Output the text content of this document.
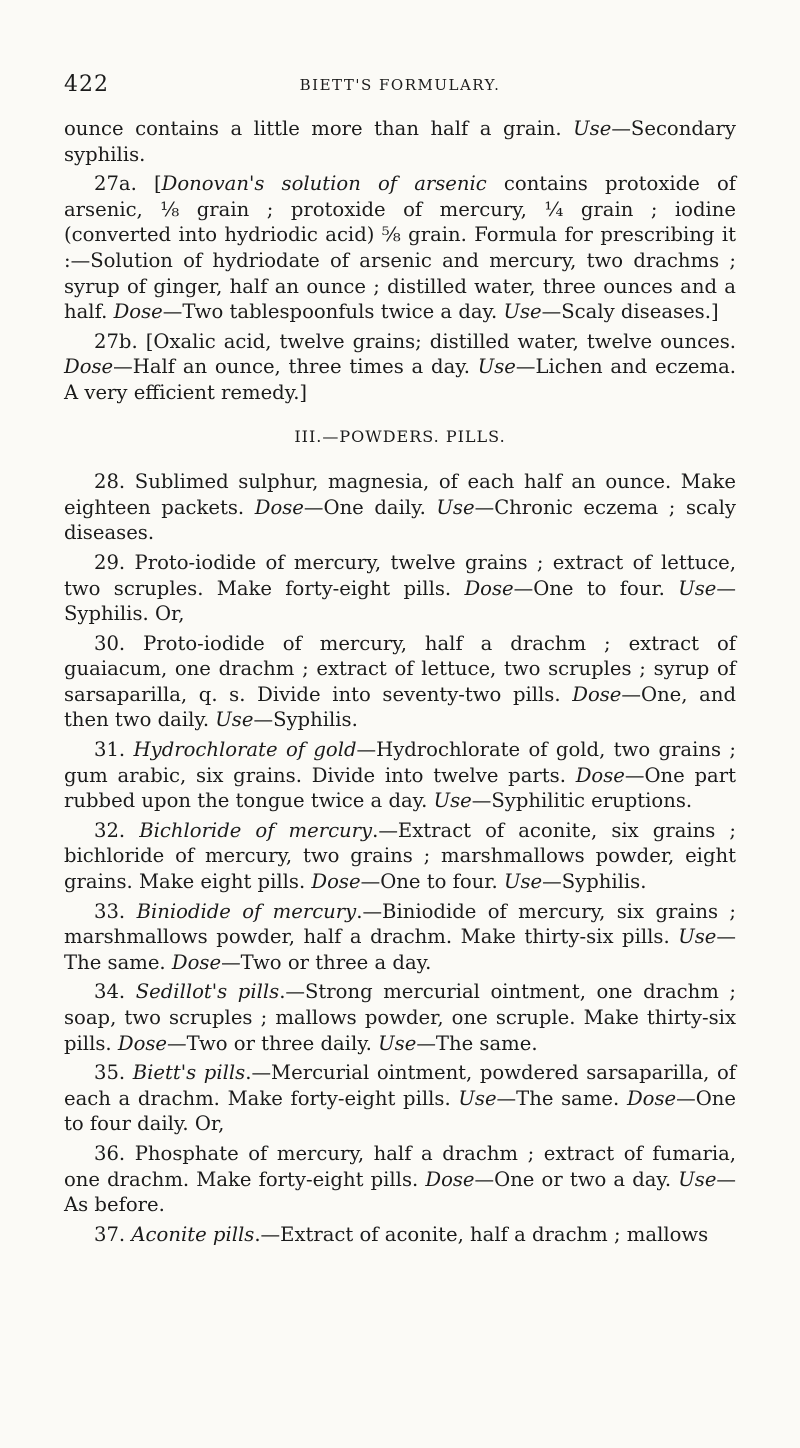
422	BIETT'S FORMULARY.

ounce contains a little more than half a grain. Use—Secondary syphilis.

27a. [Donovan's solution of arsenic contains protoxide of arsenic, ⅛ grain ; protoxide of mercury, ¼ grain ; iodine (converted into hydriodic acid) ⅝ grain. Formula for prescribing it :—Solution of hydriodate of arsenic and mercury, two drachms ; syrup of ginger, half an ounce ; distilled water, three ounces and a half. Dose—Two tablespoonfuls twice a day. Use—Scaly diseases.]

27b. [Oxalic acid, twelve grains; distilled water, twelve ounces. Dose—Half an ounce, three times a day. Use—Lichen and eczema. A very efficient remedy.]

III.—POWDERS. PILLS.

28. Sublimed sulphur, magnesia, of each half an ounce. Make eighteen packets. Dose—One daily. Use—Chronic eczema ; scaly diseases.

29. Proto-iodide of mercury, twelve grains ; extract of lettuce, two scruples. Make forty-eight pills. Dose—One to four. Use—Syphilis. Or,

30. Proto-iodide of mercury, half a drachm ; extract of guaiacum, one drachm ; extract of lettuce, two scruples ; syrup of sarsaparilla, q. s. Divide into seventy-two pills. Dose—One, and then two daily. Use—Syphilis.

31. Hydrochlorate of gold—Hydrochlorate of gold, two grains ; gum arabic, six grains. Divide into twelve parts. Dose—One part rubbed upon the tongue twice a day. Use—Syphilitic eruptions.

32. Bichloride of mercury.—Extract of aconite, six grains ; bichloride of mercury, two grains ; marshmallows powder, eight grains. Make eight pills. Dose—One to four. Use—Syphilis.

33. Biniodide of mercury.—Biniodide of mercury, six grains ; marshmallows powder, half a drachm. Make thirty-six pills. Use—The same. Dose—Two or three a day.

34. Sedillot's pills.—Strong mercurial ointment, one drachm ; soap, two scruples ; mallows powder, one scruple. Make thirty-six pills. Dose—Two or three daily. Use—The same.

35. Biett's pills.—Mercurial ointment, powdered sarsaparilla, of each a drachm. Make forty-eight pills. Use—The same. Dose—One to four daily. Or,

36. Phosphate of mercury, half a drachm ; extract of fumaria, one drachm. Make forty-eight pills. Dose—One or two a day. Use—As before.

37. Aconite pills.—Extract of aconite, half a drachm ; mallows
